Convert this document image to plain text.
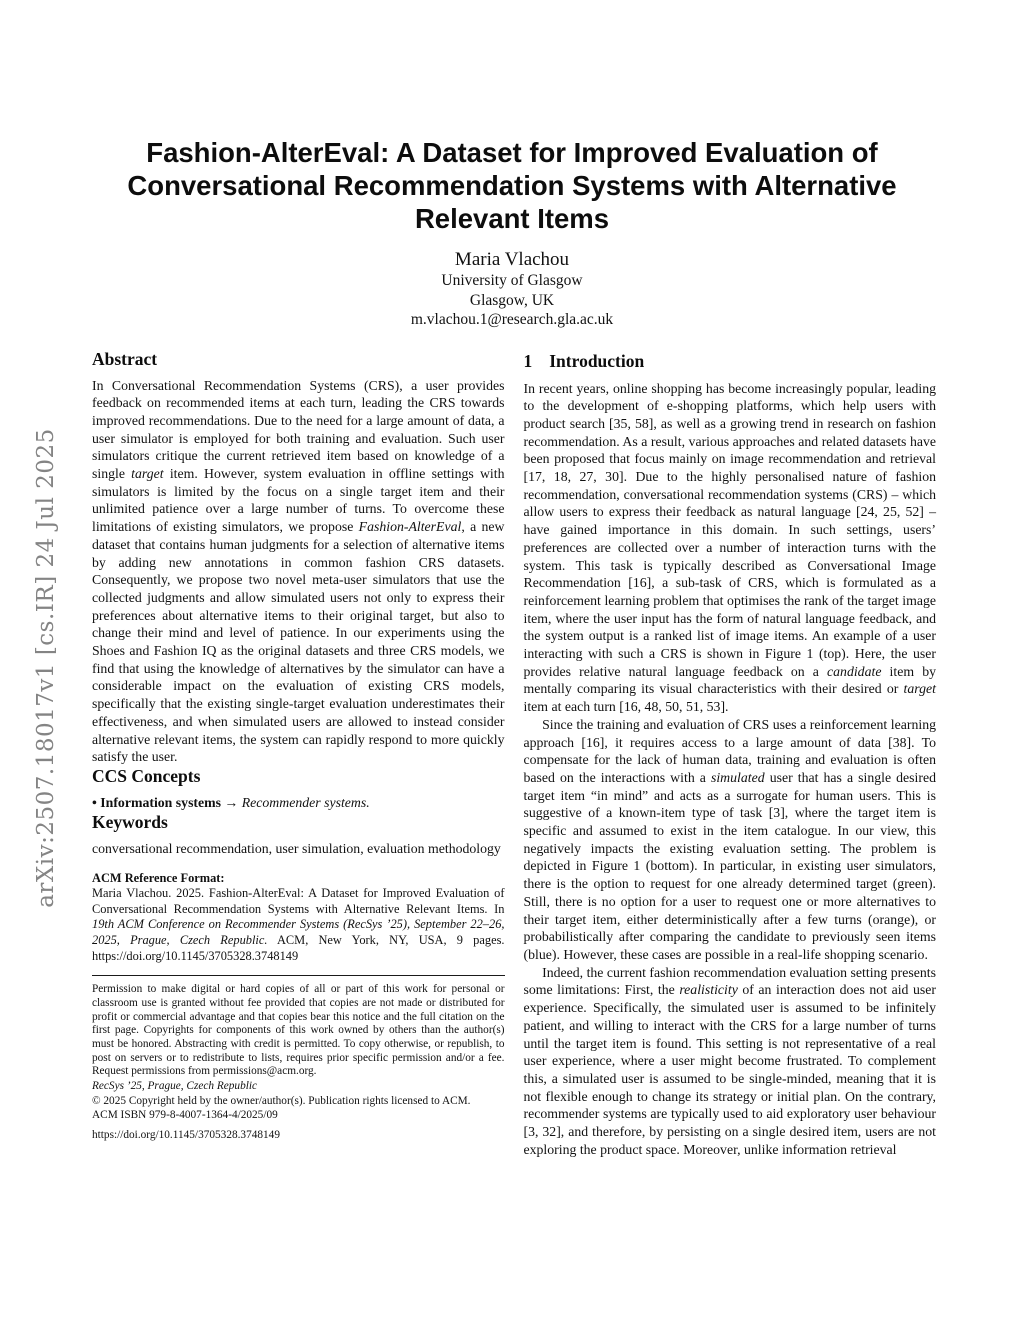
arXiv:2507.18017v1 [cs.IR] 24 Jul 2025
Fashion-AlterEval: A Dataset for Improved Evaluation of Conversational Recommendation Systems with Alternative Relevant Items
Maria Vlachou
University of Glasgow
Glasgow, UK
m.vlachou.1@research.gla.ac.uk
Abstract
In Conversational Recommendation Systems (CRS), a user provides feedback on recommended items at each turn, leading the CRS towards improved recommendations. Due to the need for a large amount of data, a user simulator is employed for both training and evaluation. Such user simulators critique the current retrieved item based on knowledge of a single target item. However, system evaluation in offline settings with simulators is limited by the focus on a single target item and their unlimited patience over a large number of turns. To overcome these limitations of existing simulators, we propose Fashion-AlterEval, a new dataset that contains human judgments for a selection of alternative items by adding new annotations in common fashion CRS datasets. Consequently, we propose two novel meta-user simulators that use the collected judgments and allow simulated users not only to express their preferences about alternative items to their original target, but also to change their mind and level of patience. In our experiments using the Shoes and Fashion IQ as the original datasets and three CRS models, we find that using the knowledge of alternatives by the simulator can have a considerable impact on the evaluation of existing CRS models, specifically that the existing single-target evaluation underestimates their effectiveness, and when simulated users are allowed to instead consider alternative relevant items, the system can rapidly respond to more quickly satisfy the user.
CCS Concepts
• Information systems → Recommender systems.
Keywords
conversational recommendation, user simulation, evaluation methodology
ACM Reference Format:
Maria Vlachou. 2025. Fashion-AlterEval: A Dataset for Improved Evaluation of Conversational Recommendation Systems with Alternative Relevant Items. In 19th ACM Conference on Recommender Systems (RecSys ’25), September 22–26, 2025, Prague, Czech Republic. ACM, New York, NY, USA, 9 pages. https://doi.org/10.1145/3705328.3748149
Permission to make digital or hard copies of all or part of this work for personal or classroom use is granted without fee provided that copies are not made or distributed for profit or commercial advantage and that copies bear this notice and the full citation on the first page. Copyrights for components of this work owned by others than the author(s) must be honored. Abstracting with credit is permitted. To copy otherwise, or republish, to post on servers or to redistribute to lists, requires prior specific permission and/or a fee. Request permissions from permissions@acm.org.
RecSys ’25, Prague, Czech Republic
© 2025 Copyright held by the owner/author(s). Publication rights licensed to ACM.
ACM ISBN 979-8-4007-1364-4/2025/09
https://doi.org/10.1145/3705328.3748149
1 Introduction

In recent years, online shopping has become increasingly popular, leading to the development of e-shopping platforms, which help users with product search [35, 58], as well as a growing trend in research on fashion recommendation. As a result, various approaches and related datasets have been proposed that focus mainly on image recommendation and retrieval [17, 18, 27, 30]. Due to the highly personalised nature of fashion recommendation, conversational recommendation systems (CRS) – which allow users to express their feedback as natural language [24, 25, 52] – have gained importance in this domain. In such settings, users’ preferences are collected over a number of interaction turns with the system. This task is typically described as Conversational Image Recommendation [16], a sub-task of CRS, which is formulated as a reinforcement learning problem that optimises the rank of the target image item, where the user input has the form of natural language feedback, and the system output is a ranked list of image items. An example of a user interacting with such a CRS is shown in Figure 1 (top). Here, the user provides relative natural language feedback on a candidate item by mentally comparing its visual characteristics with their desired or target item at each turn [16, 48, 50, 51, 53].

Since the training and evaluation of CRS uses a reinforcement learning approach [16], it requires access to a large amount of data [38]. To compensate for the lack of human data, training and evaluation is often based on the interactions with a simulated user that has a single desired target item “in mind” and acts as a surrogate for human users. This is suggestive of a known-item type of task [3], where the target item is specific and assumed to exist in the item catalogue. In our view, this negatively impacts the existing evaluation setting. The problem is depicted in Figure 1 (bottom). In particular, in existing user simulators, there is the option to request for one already determined target (green). Still, there is no option for a user to request one or more alternatives to their target item, either deterministically after a few turns (orange), or probabilistically after comparing the candidate to previously seen items (blue). However, these cases are possible in a real-life shopping scenario.

Indeed, the current fashion recommendation evaluation setting presents some limitations: First, the realisticity of an interaction does not aid user experience. Specifically, the simulated user is assumed to be infinitely patient, and willing to interact with the CRS for a large number of turns until the target item is found. This setting is not representative of a real user experience, where a user might become frustrated. To complement this, a simulated user is assumed to be single-minded, meaning that it is not flexible enough to change its strategy or initial plan. On the contrary, recommender systems are typically used to aid exploratory user behaviour [3, 32], and therefore, by persisting on a single desired item, users are not exploring the product space. Moreover, unlike information retrieval
